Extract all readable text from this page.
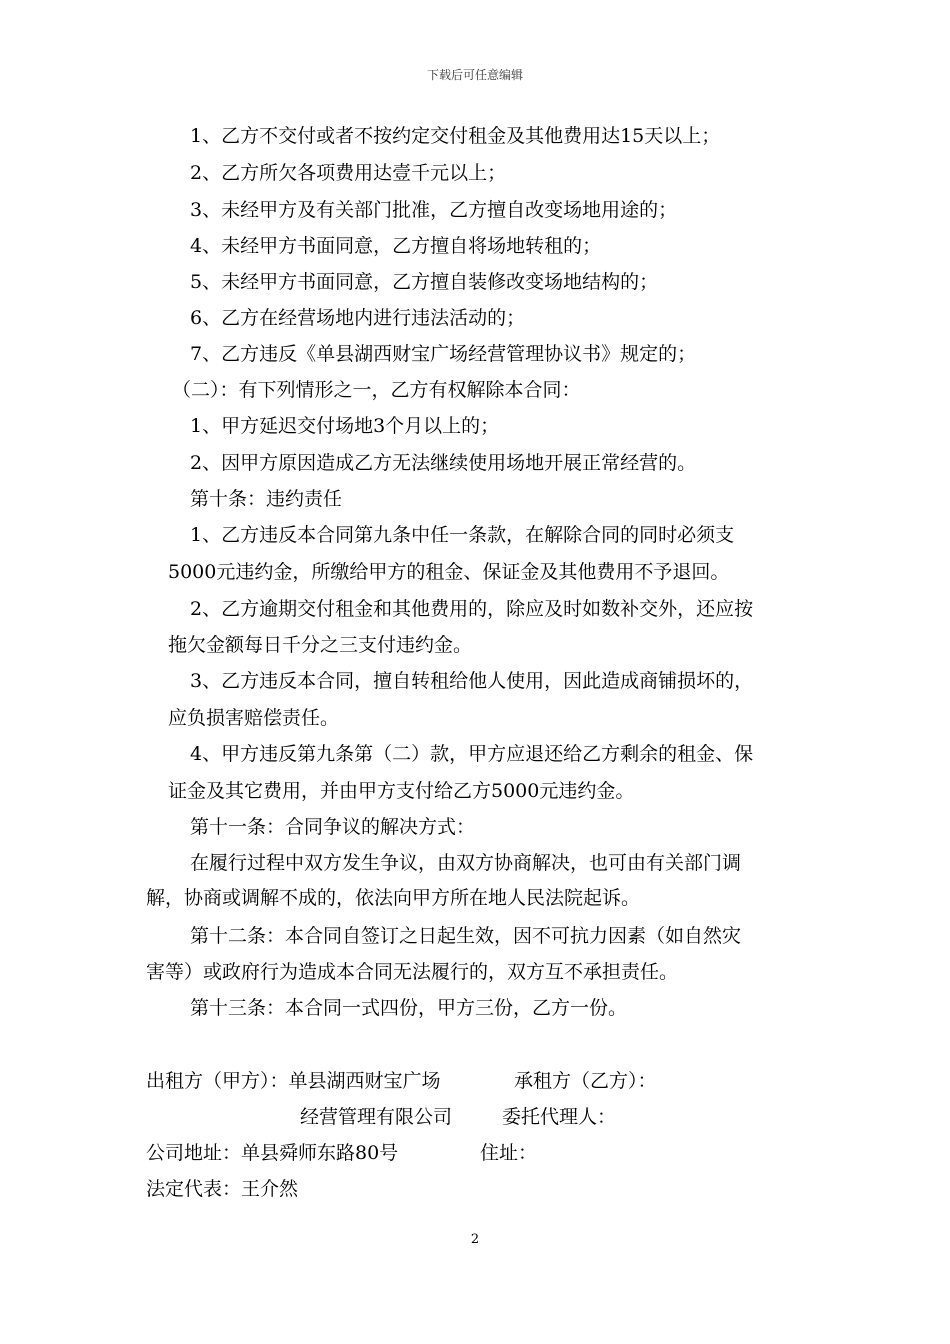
下载后可任意编辑
1、乙方不交付或者不按约定交付租金及其他费用达15天以上；
2、乙方所欠各项费用达壹千元以上；
3、未经甲方及有关部门批准，乙方擅自改变场地用途的；
4、未经甲方书面同意，乙方擅自将场地转租的；
5、未经甲方书面同意，乙方擅自装修改变场地结构的；
6、乙方在经营场地内进行违法活动的；
7、乙方违反《单县湖西财宝广场经营管理协议书》规定的；
（二）：有下列情形之一，乙方有权解除本合同：
1、甲方延迟交付场地3个月以上的；
2、因甲方原因造成乙方无法继续使用场地开展正常经营的。
第十条：违约责任
1、乙方违反本合同第九条中任一条款，在解除合同的同时必须支
5000元违约金，所缴给甲方的租金、保证金及其他费用不予退回。
2、乙方逾期交付租金和其他费用的，除应及时如数补交外，还应按
拖欠金额每日千分之三支付违约金。
3、乙方违反本合同，擅自转租给他人使用，因此造成商铺损坏的，
应负损害赔偿责任。
4、甲方违反第九条第（二）款，甲方应退还给乙方剩余的租金、保
证金及其它费用，并由甲方支付给乙方5000元违约金。
第十一条：合同争议的解决方式：
在履行过程中双方发生争议，由双方协商解决，也可由有关部门调
解，协商或调解不成的，依法向甲方所在地人民法院起诉。
第十二条：本合同自签订之日起生效，因不可抗力因素（如自然灾
害等）或政府行为造成本合同无法履行的，双方互不承担责任。
第十三条：本合同一式四份，甲方三份，乙方一份。
出租方（甲方）：单县湖西财宝广场	承租方（乙方）：
经营管理有限公司	委托代理人：
公司地址：单县舜师东路80号	住址：
法定代表：王介然
2
